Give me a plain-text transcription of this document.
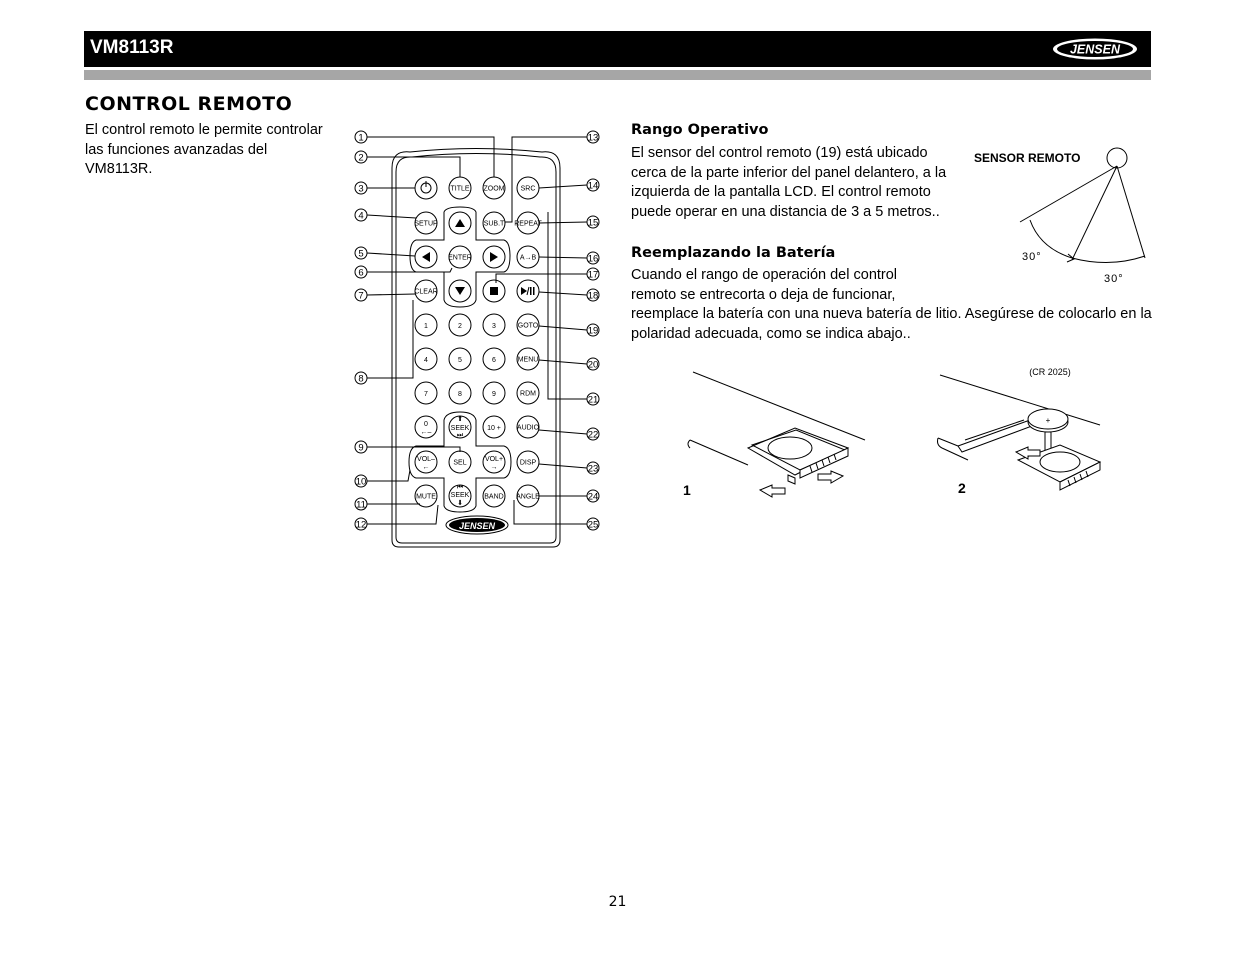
VM8113R	JENSEN
CONTROL REMOTO
El control remoto le permite controlar las funciones avanzadas del VM8113R.
TITLE ZOOM SRC
SETUP	SUB.T REPEAT
ENTER	A→B
CLEAR
1	2	3	GOTO
4	5	6	MENU
7	8	9	RDM
0
←–
⬆
SEEK
⏭
10 + AUDIO
VOL–
←
SEL	VOL+
→
DISP
MUTE
⏮
SEEK
⬇
BAND ANGLE
JENSEN
1
2
3
4
5
6
7
8
9
10
11
12
13
14
15
16
17
18
19
20
21
22
23
24
25
Rango Operativo
El sensor del control remoto (19) está ubicado cerca de la parte inferior del panel delantero, a la izquierda de la pantalla LCD. El control remoto puede operar en una distancia de 3 a 5 metros..
SENSOR REMOTO
30°
30°
Reemplazando la Batería
Cuando el rango de operación del control remoto se entrecorta o deja de funcionar,
reemplace la batería con una nueva batería de litio. Asegúrese de colocarlo en la polaridad adecuada, como se indica abajo..
1
+
(CR 2025)
2
21
